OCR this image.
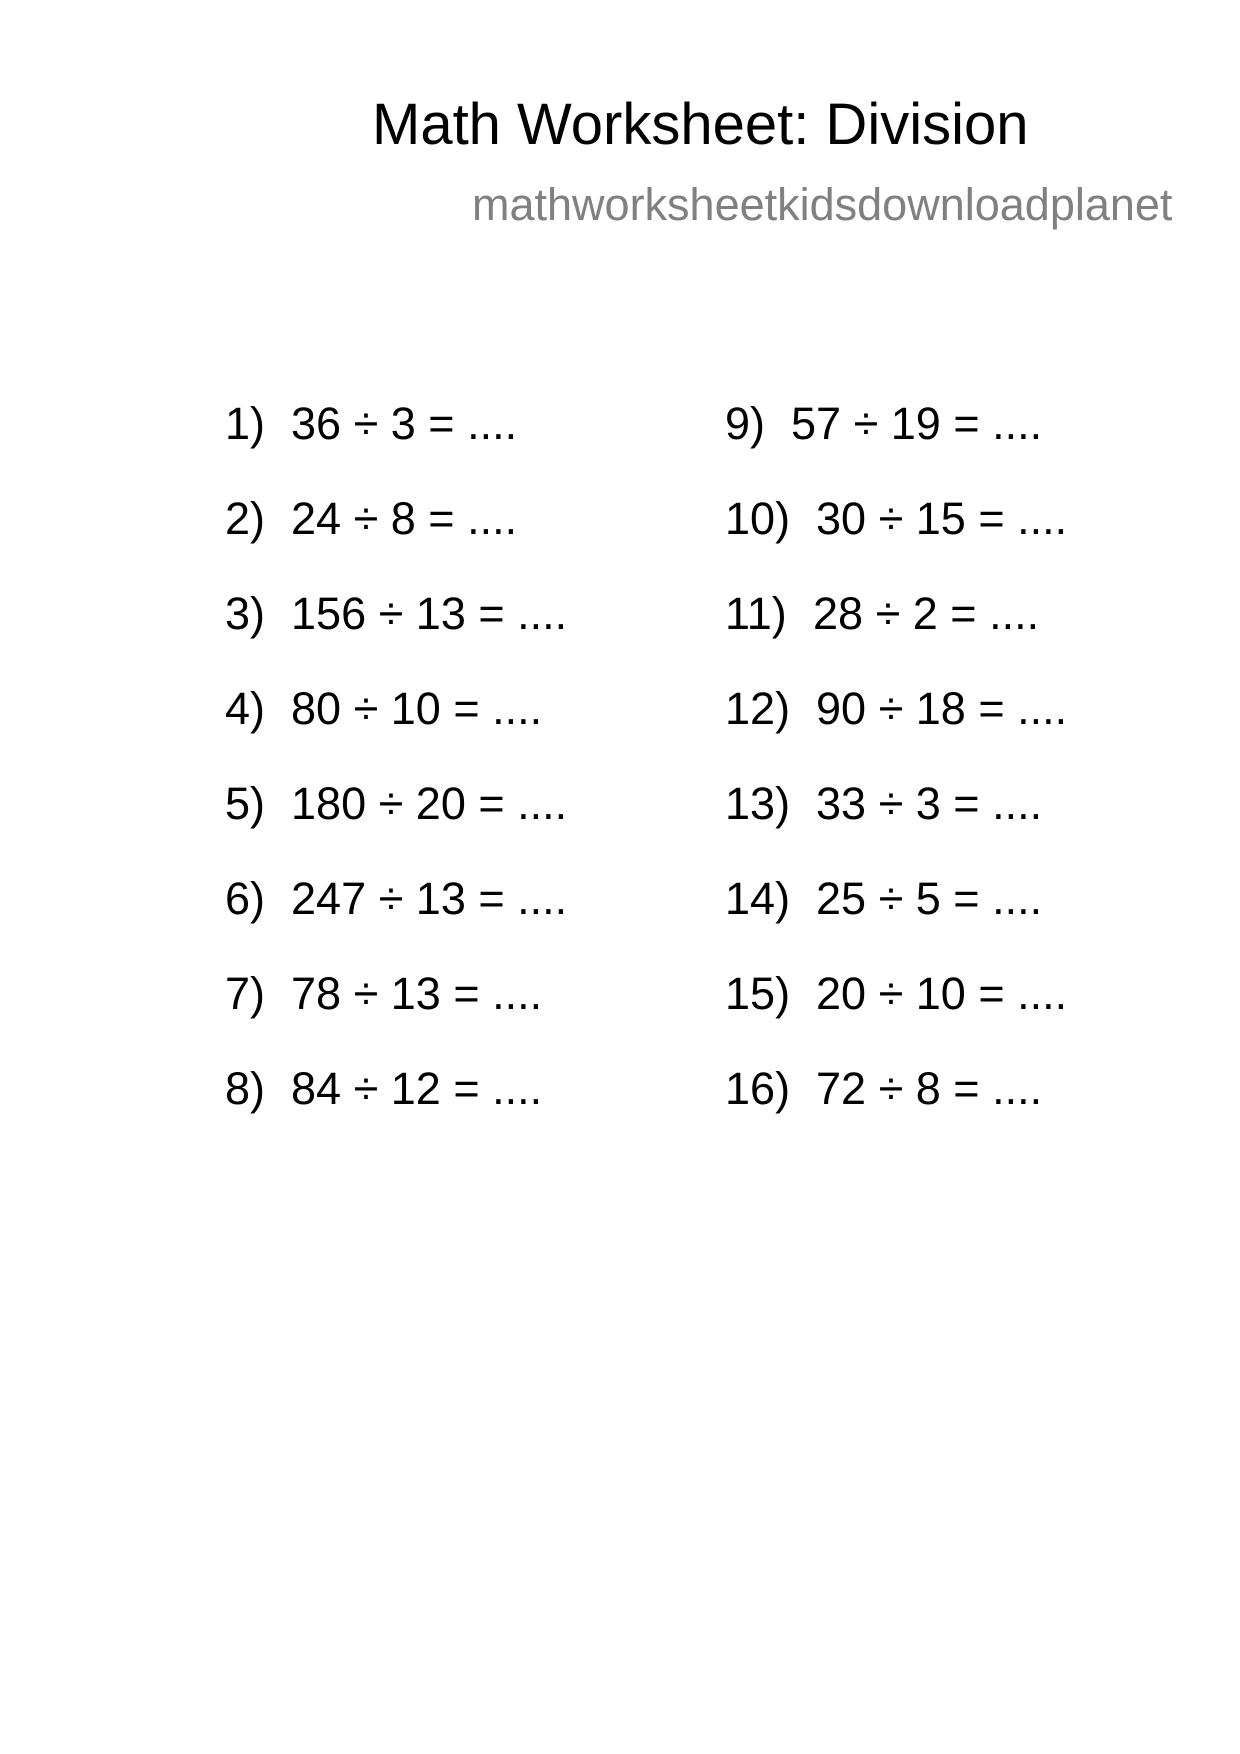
Math Worksheet: Division
mathworksheetkidsdownloadplanet

1) 36 ÷ 3 = ....

2) 24 ÷ 8 = ....

3) 156 ÷ 13 = ....

4) 80 ÷ 10 = ....

5) 180 ÷ 20 = ....

6) 247 ÷ 13 = ....

7) 78 ÷ 13 = ....

8) 84 ÷ 12 = ....

9) 57 ÷ 19 = ....

10) 30 ÷ 15 = ....

11) 28 ÷ 2 = ....

12) 90 ÷ 18 = ....

13) 33 ÷ 3 = ....

14) 25 ÷ 5 = ....

15) 20 ÷ 10 = ....

16) 72 ÷ 8 = ....
